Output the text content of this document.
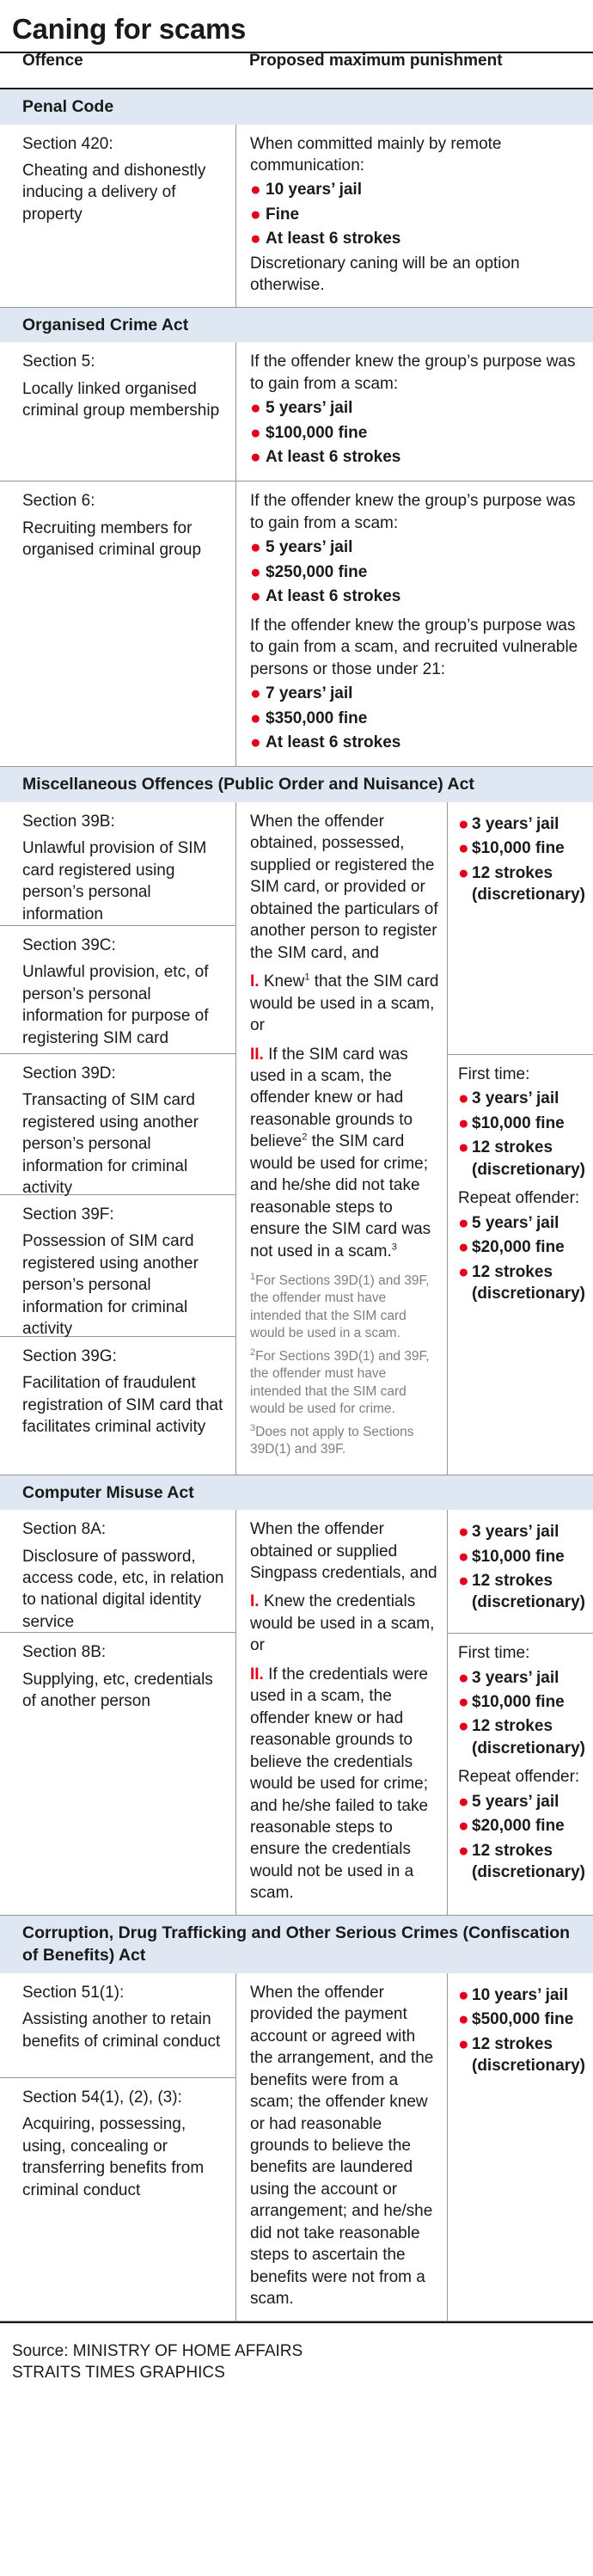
Caning for scams
Offence	Proposed maximum punishment
Penal Code
Section 420:

Cheating and dishonestly inducing a delivery of property

When committed mainly by remote communication:

● 10 years’ jail
● Fine
● At least 6 strokes

Discretionary caning will be an option otherwise.

Organised Crime Act
Section 5:

Locally linked organised criminal group membership

If the offender knew the group’s purpose was to gain from a scam:

● 5 years’ jail
● $100,000 fine
● At least 6 strokes
Section 6:

Recruiting members for organised criminal group

If the offender knew the group’s purpose was to gain from a scam:

● 5 years’ jail
● $250,000 fine
● At least 6 strokes

If the offender knew the group’s purpose was to gain from a scam, and recruited vulnerable persons or those under 21:

● 7 years’ jail
● $350,000 fine
● At least 6 strokes
Miscellaneous Offences (Public Order and Nuisance) Act
Section 39B:

Unlawful provision of SIM card registered using person’s personal information

Section 39C:

Unlawful provision, etc, of person’s personal information for purpose of registering SIM card

Section 39D:

Transacting of SIM card registered using another person’s personal information for criminal activity

Section 39F:

Possession of SIM card registered using another person’s personal information for criminal activity

Section 39G:

Facilitation of fraudulent registration of SIM card that facilitates criminal activity

When the offender obtained, possessed, supplied or registered the SIM card, or provided or obtained the particulars of another person to register the SIM card, and

I. Knew$^1$ that the SIM card would be used in a scam, or

II. If the SIM card was used in a scam, the offender knew or had reasonable grounds to believe$^2$ the SIM card would be used for crime; and he/she did not take reasonable steps to ensure the SIM card was not used in a scam.$^3$

$^1$For Sections 39D(1) and 39F, the offender must have intended that the SIM card would be used in a scam.

$^2$For Sections 39D(1) and 39F, the offender must have intended that the SIM card would be used for crime.

$^3$Does not apply to Sections 39D(1) and 39F.

● 3 years’ jail
● $10,000 fine
● 12 strokes (discretionary)

First time:

● 3 years’ jail
● $10,000 fine
● 12 strokes (discretionary)

Repeat offender:

● 5 years’ jail
● $20,000 fine
● 12 strokes (discretionary)
Computer Misuse Act
Section 8A:

Disclosure of password, access code, etc, in relation to national digital identity service

Section 8B:

Supplying, etc, credentials of another person

When the offender obtained or supplied Singpass credentials, and

I. Knew the credentials would be used in a scam, or

II. If the credentials were used in a scam, the offender knew or had reasonable grounds to believe the credentials would be used for crime; and he/she failed to take reasonable steps to ensure the credentials would not be used in a scam.

● 3 years’ jail
● $10,000 fine
● 12 strokes (discretionary)

First time:

● 3 years’ jail
● $10,000 fine
● 12 strokes (discretionary)

Repeat offender:

● 5 years’ jail
● $20,000 fine
● 12 strokes (discretionary)
Corruption, Drug Trafficking and Other Serious Crimes (Confiscation of Benefits) Act
Section 51(1):

Assisting another to retain benefits of criminal conduct

Section 54(1), (2), (3):

Acquiring, possessing, using, concealing or transferring benefits from criminal conduct

When the offender provided the payment account or agreed with the arrangement, and the benefits were from a scam; the offender knew or had reasonable grounds to believe the benefits are laundered using the account or arrangement; and he/she did not take reasonable steps to ascertain the benefits were not from a scam.

● 10 years’ jail
● $500,000 fine
● 12 strokes (discretionary)

Source: MINISTRY OF HOME AFFAIRS

STRAITS TIMES GRAPHICS
